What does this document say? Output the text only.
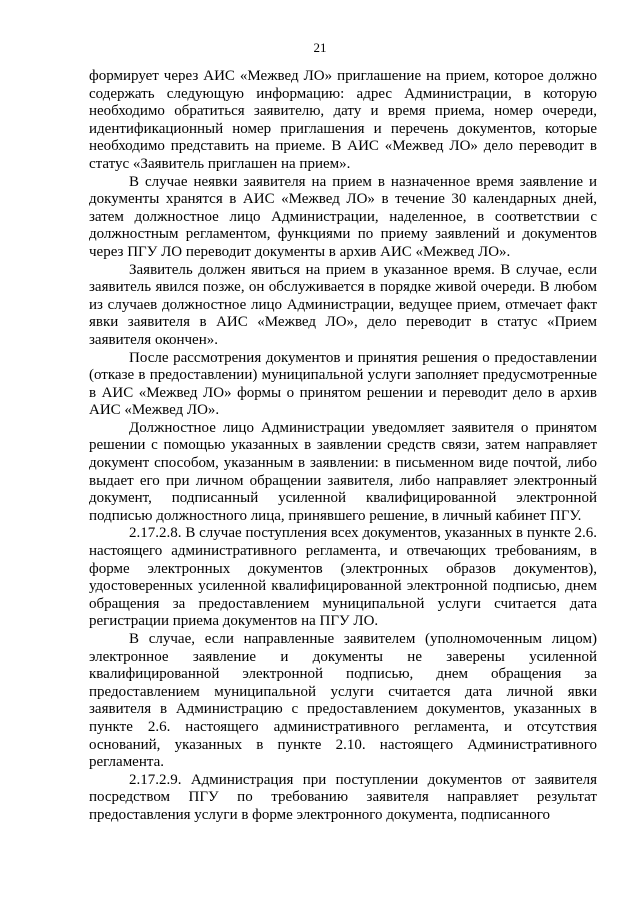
21

формирует через АИС «Межвед ЛО» приглашение на прием, которое должно содержать следующую информацию: адрес Администрации, в которую необходимо обратиться заявителю, дату и время приема, номер очереди, идентификационный номер приглашения и перечень документов, которые необходимо представить на приеме. В АИС «Межвед ЛО» дело переводит в статус «Заявитель приглашен на прием».

В случае неявки заявителя на прием в назначенное время заявление и документы хранятся в АИС «Межвед ЛО» в течение 30 календарных дней, затем должностное лицо Администрации, наделенное, в соответствии с должностным регламентом, функциями по приему заявлений и документов через ПГУ ЛО переводит документы в архив АИС «Межвед ЛО».

Заявитель должен явиться на прием в указанное время. В случае, если заявитель явился позже, он обслуживается в порядке живой очереди. В любом из случаев должностное лицо Администрации, ведущее прием, отмечает факт явки заявителя в АИС «Межвед ЛО», дело переводит в статус «Прием заявителя окончен».

После рассмотрения документов и принятия решения о предоставлении (отказе в предоставлении) муниципальной услуги заполняет предусмотренные в АИС «Межвед ЛО» формы о принятом решении и переводит дело в архив АИС «Межвед ЛО».

Должностное лицо Администрации уведомляет заявителя о принятом решении с помощью указанных в заявлении средств связи, затем направляет документ способом, указанным в заявлении: в письменном виде почтой, либо выдает его при личном обращении заявителя, либо направляет электронный документ, подписанный усиленной квалифицированной электронной подписью должностного лица, принявшего решение, в личный кабинет ПГУ.

2.17.2.8. В случае поступления всех документов, указанных в пункте 2.6. настоящего административного регламента, и отвечающих требованиям, в форме электронных документов (электронных образов документов), удостоверенных усиленной квалифицированной электронной подписью, днем обращения за предоставлением муниципальной услуги считается дата регистрации приема документов на ПГУ ЛО.

В случае, если направленные заявителем (уполномоченным лицом) электронное заявление и документы не заверены усиленной квалифицированной электронной подписью, днем обращения за предоставлением муниципальной услуги считается дата личной явки заявителя в Администрацию с предоставлением документов, указанных в пункте 2.6. настоящего административного регламента, и отсутствия оснований, указанных в пункте 2.10. настоящего Административного регламента.

2.17.2.9. Администрация при поступлении документов от заявителя посредством ПГУ по требованию заявителя направляет результат предоставления услуги в форме электронного документа, подписанного
